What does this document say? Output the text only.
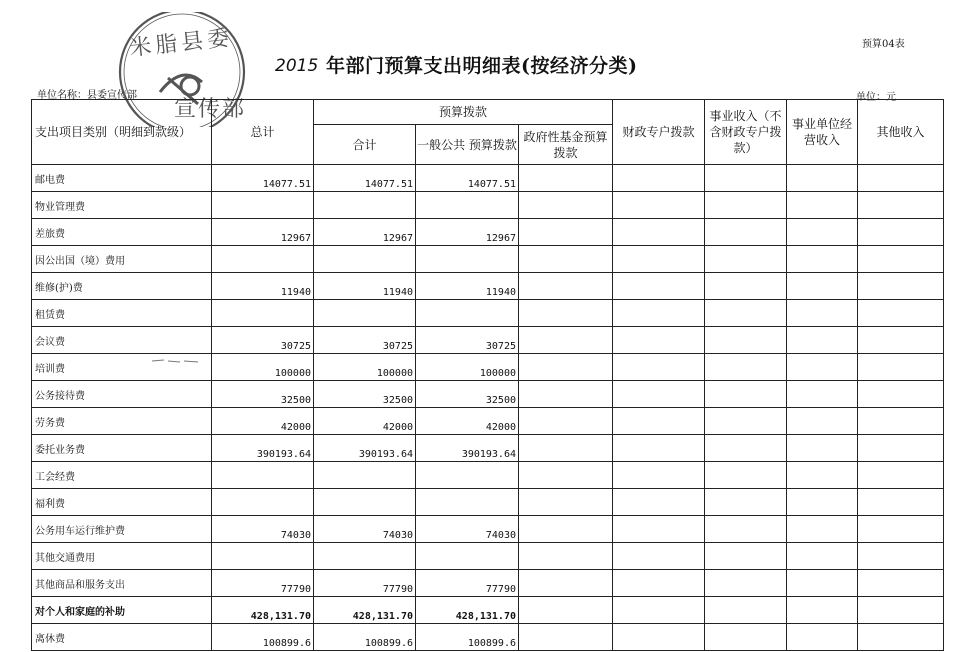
预算04表
2015 年部门预算支出明细表(按经济分类)
单位名称：县委宣传部	单位：元
米脂县委
宣传部
支出项目类别（明细到款级）	总计	预算拨款			财政专户拨款	事业收入（不含财政专户拨款）	事业单位经营收入	其他收入
		合计	一般公共 预算拨款	政府性基金预算拨款				
邮电费	14077.51	14077.51	14077.51					
物业管理费								
差旅费	12967	12967	12967					
因公出国（境）费用								
维修(护)费	11940	11940	11940					
租赁费								
会议费	30725	30725	30725					
培训费	100000	100000	100000					
公务接待费	32500	32500	32500					
劳务费	42000	42000	42000					
委托业务费	390193.64	390193.64	390193.64					
工会经费								
福利费								
公务用车运行维护费	74030	74030	74030					
其他交通费用								
其他商品和服务支出	77790	77790	77790					
对个人和家庭的补助	428,131.70	428,131.70	428,131.70					
离休费	100899.6	100899.6	100899.6					
